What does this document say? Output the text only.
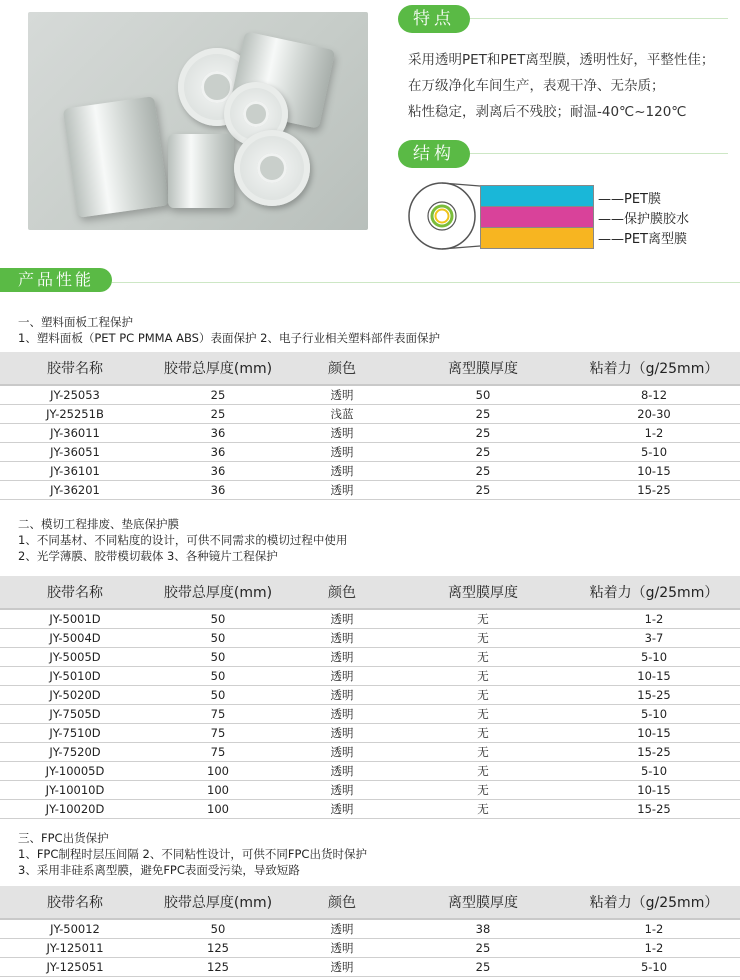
特点
采用透明PET和PET离型膜，透明性好，平整性佳；
在万级净化车间生产，表观干净、无杂质；
粘性稳定，剥离后不残胶；耐温-40℃~120℃
结构
——PET膜
——保护膜胶水
——PET离型膜
产品性能
一、塑料面板工程保护
1、塑料面板（PET PC PMMA ABS）表面保护 2、电子行业相关塑料部件表面保护
胶带名称	胶带总厚度(mm)	颜色	离型膜厚度	粘着力（g/25mm）
JY-25053	25	透明	50	8-12
JY-25251B	25	浅蓝	25	20-30
JY-36011	36	透明	25	1-2
JY-36051	36	透明	25	5-10
JY-36101	36	透明	25	10-15
JY-36201	36	透明	25	15-25
二、模切工程排废、垫底保护膜
1、不同基材、不同粘度的设计，可供不同需求的模切过程中使用
2、光学薄膜、胶带模切载体 3、各种镜片工程保护
胶带名称	胶带总厚度(mm)	颜色	离型膜厚度	粘着力（g/25mm）
JY-5001D	50	透明	无	1-2
JY-5004D	50	透明	无	3-7
JY-5005D	50	透明	无	5-10
JY-5010D	50	透明	无	10-15
JY-5020D	50	透明	无	15-25
JY-7505D	75	透明	无	5-10
JY-7510D	75	透明	无	10-15
JY-7520D	75	透明	无	15-25
JY-10005D	100	透明	无	5-10
JY-10010D	100	透明	无	10-15
JY-10020D	100	透明	无	15-25
三、FPC出货保护
1、FPC制程时层压间隔 2、不同粘性设计，可供不同FPC出货时保护
3、采用非硅系离型膜，避免FPC表面受污染，导致短路
胶带名称	胶带总厚度(mm)	颜色	离型膜厚度	粘着力（g/25mm）
JY-50012	50	透明	38	1-2
JY-125011	125	透明	25	1-2
JY-125051	125	透明	25	5-10
